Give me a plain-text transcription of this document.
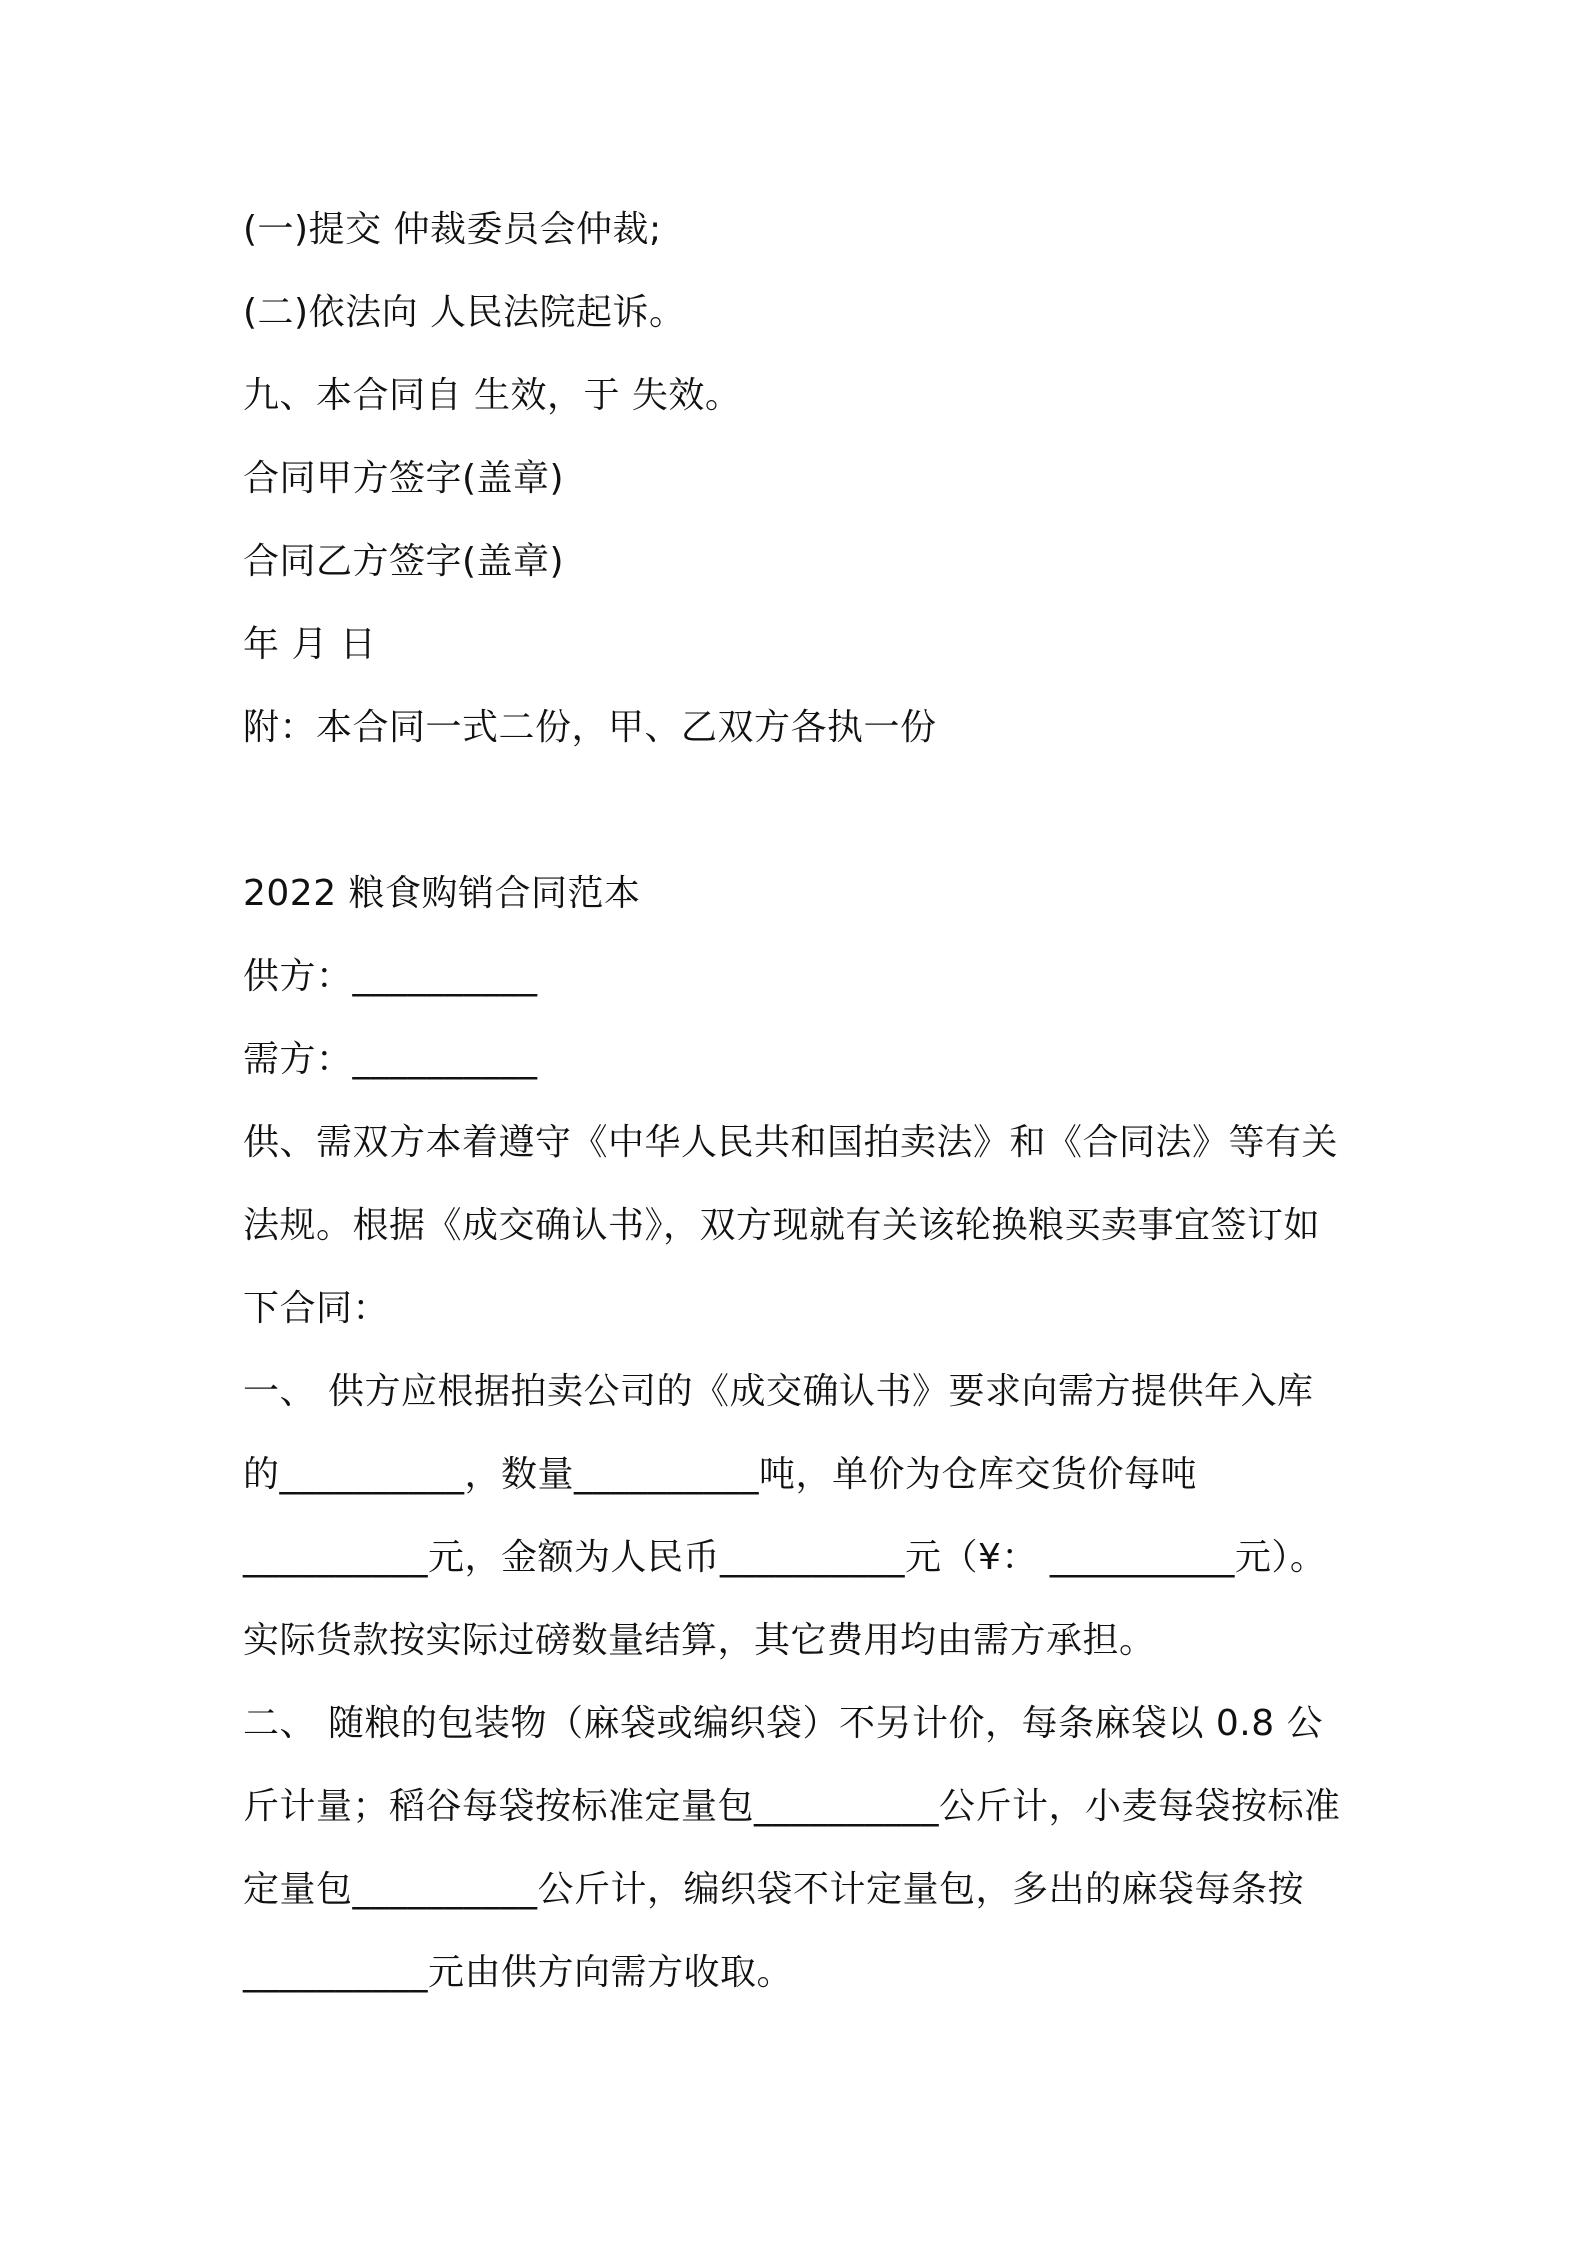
(一)提交 仲裁委员会仲裁;
(二)依法向 人民法院起诉。
九、本合同自 生效，于 失效。
合同甲方签字(盖章)
合同乙方签字(盖章)
年 月 日
附：本合同一式二份，甲、乙双方各执一份
2022 粮食购销合同范本
供方：__________
需方：__________
供、需双方本着遵守《中华人民共和国拍卖法》和《合同法》等有关
法规。根据《成交确认书》，双方现就有关该轮换粮买卖事宜签订如
下合同：
一、 供方应根据拍卖公司的《成交确认书》要求向需方提供年入库
的__________，数量__________吨，单价为仓库交货价每吨
__________元，金额为人民币__________元（¥： __________元）。
实际货款按实际过磅数量结算，其它费用均由需方承担。
二、 随粮的包装物（麻袋或编织袋）不另计价，每条麻袋以 0.8 公
斤计量；稻谷每袋按标准定量包__________公斤计，小麦每袋按标准
定量包__________公斤计，编织袋不计定量包，多出的麻袋每条按
__________元由供方向需方收取。
